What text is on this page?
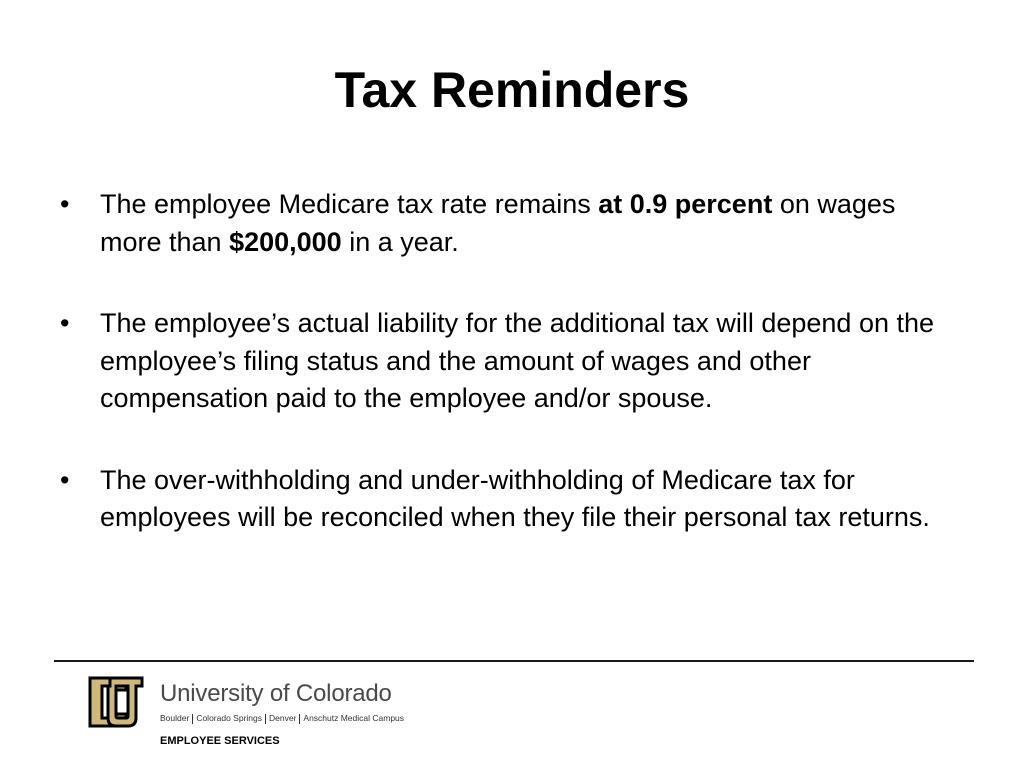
Tax Reminders
• The employee Medicare tax rate remains at 0.9 percent on wages more than $200,000 in a year.
• The employee’s actual liability for the additional tax will depend on the employee’s filing status and the amount of wages and other compensation paid to the employee and/or spouse.
• The over-withholding and under-withholding of Medicare tax for employees will be reconciled when they file their personal tax returns.
University of Colorado
Boulder Colorado Springs Denver Anschutz Medical Campus
EMPLOYEE SERVICES
